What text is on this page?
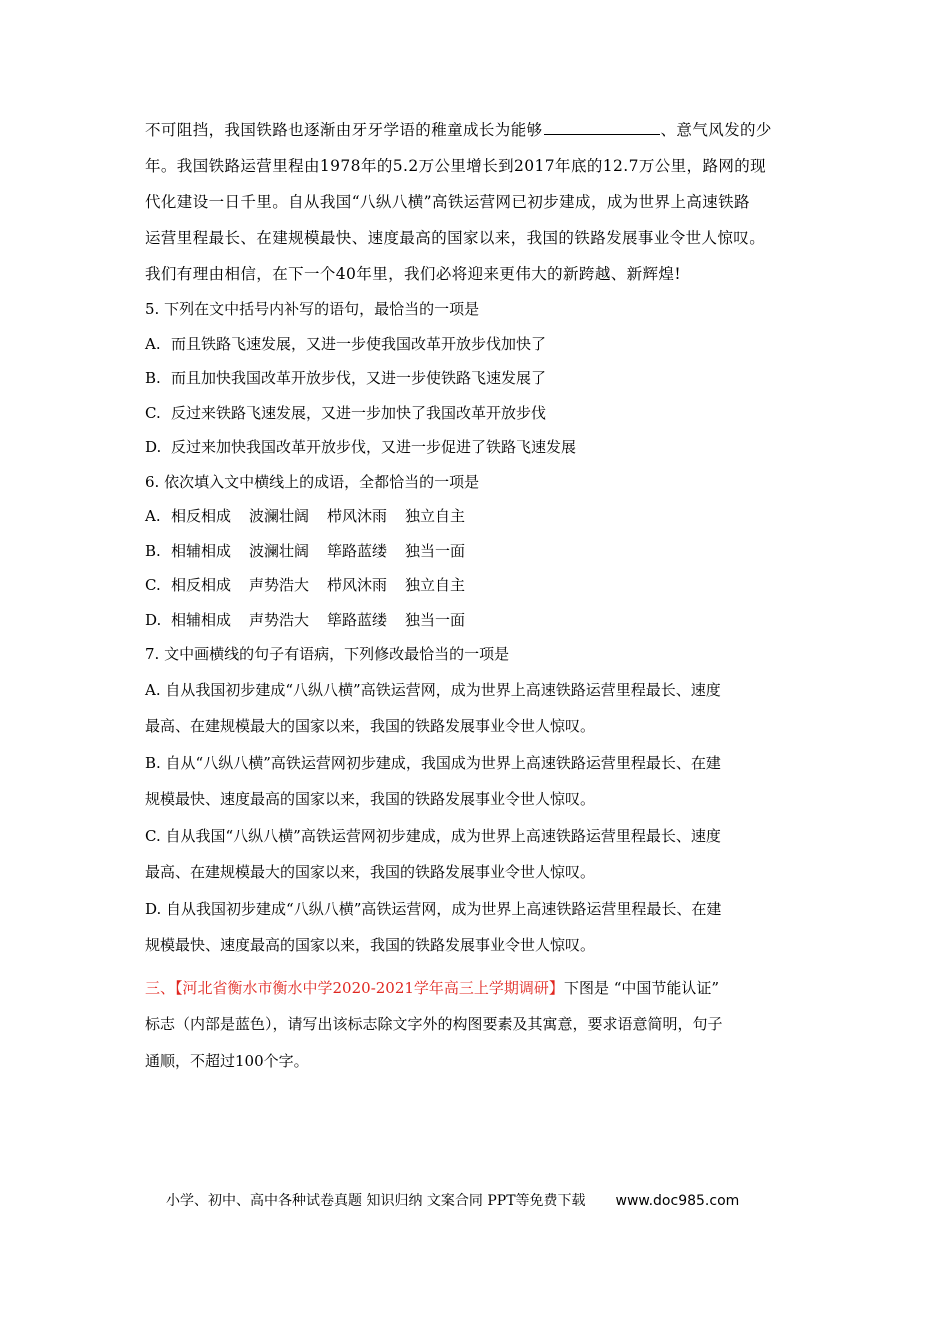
不可阻挡，我国铁路也逐渐由牙牙学语的稚童成长为能够	、意气风发的少

年。我国铁路运营里程由1978年的5.2万公里增长到2017年底的12.7万公里，路网的现

代化建设一日千里。自从我国“八纵八横”高铁运营网已初步建成，成为世界上高速铁路

运营里程最长、在建规模最快、速度最高的国家以来，我国的铁路发展事业令世人惊叹。

我们有理由相信，在下一个40年里，我们必将迎来更伟大的新跨越、新辉煌!

5. 下列在文中括号内补写的语句，最恰当的一项是

A. 而且铁路飞速发展，又进一步使我国改革开放步伐加快了

B. 而且加快我国改革开放步伐，又进一步使铁路飞速发展了

C. 反过来铁路飞速发展，又进一步加快了我国改革开放步伐

D. 反过来加快我国改革开放步伐，又进一步促进了铁路飞速发展

6. 依次填入文中横线上的成语，全都恰当的一项是

A. 相反相成 波澜壮阔 栉风沐雨 独立自主

B. 相辅相成 波澜壮阔 筚路蓝缕 独当一面

C. 相反相成 声势浩大 栉风沐雨 独立自主

D. 相辅相成 声势浩大 筚路蓝缕 独当一面

7. 文中画横线的句子有语病，下列修改最恰当的一项是

A. 自从我国初步建成“八纵八横”高铁运营网，成为世界上高速铁路运营里程最长、速度

最高、在建规模最大的国家以来，我国的铁路发展事业令世人惊叹。

B. 自从“八纵八横”高铁运营网初步建成，我国成为世界上高速铁路运营里程最长、在建

规模最快、速度最高的国家以来，我国的铁路发展事业令世人惊叹。

C. 自从我国“八纵八横”高铁运营网初步建成，成为世界上高速铁路运营里程最长、速度

最高、在建规模最大的国家以来，我国的铁路发展事业令世人惊叹。

D. 自从我国初步建成“八纵八横”高铁运营网，成为世界上高速铁路运营里程最长、在建

规模最快、速度最高的国家以来，我国的铁路发展事业令世人惊叹。

三、【河北省衡水市衡水中学2020-2021学年高三上学期调研】下图是 “中国节能认证”
标志（内部是蓝色），请写出该标志除文字外的构图要素及其寓意，要求语意简明，句子
通顺，不超过100个字。
小学、初中、高中各种试卷真题 知识归纳 文案合同 PPT等免费下载 www.doc985.com
